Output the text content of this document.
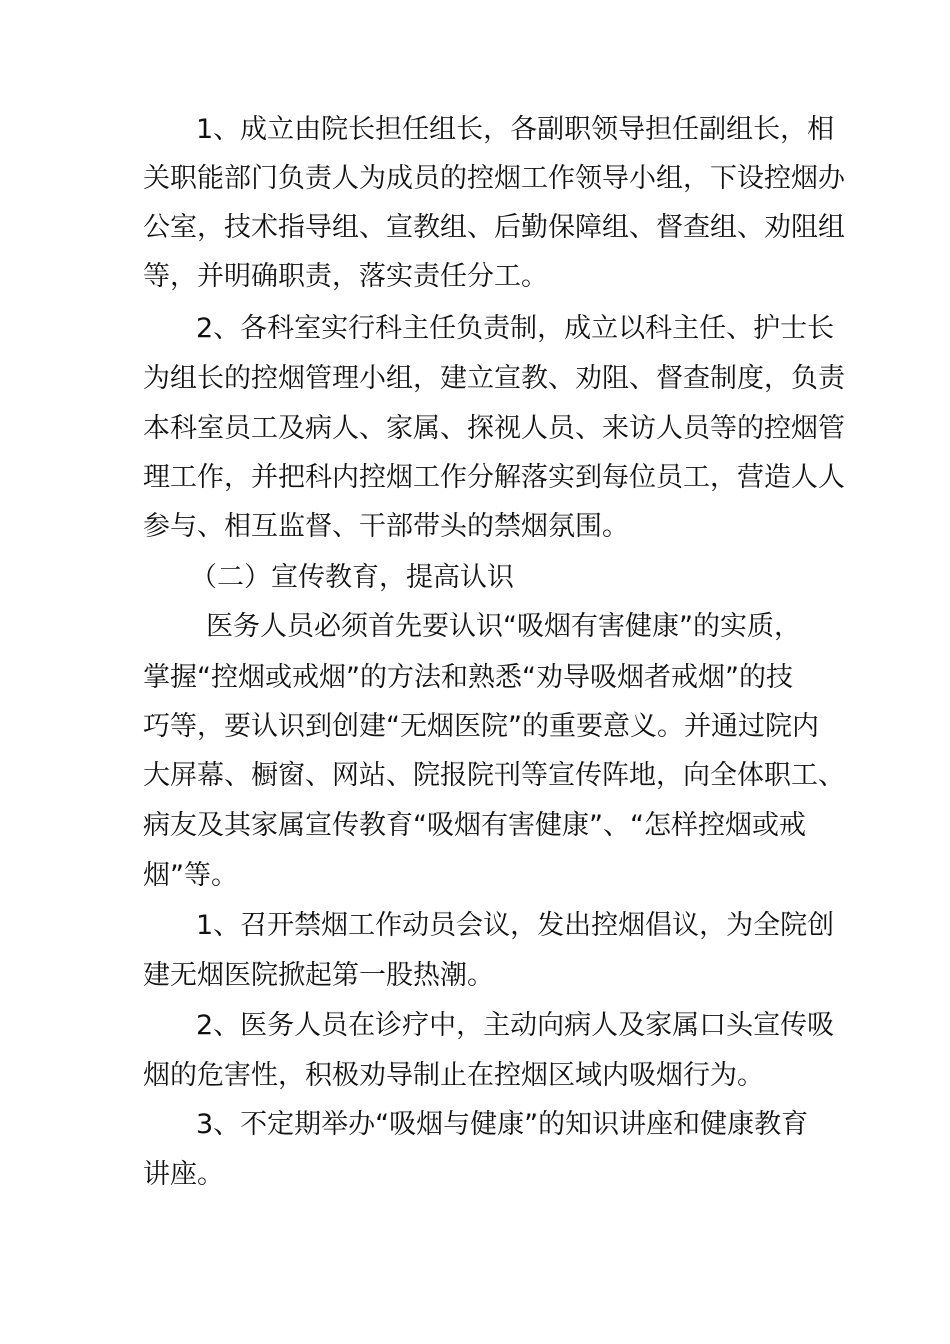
1、成立由院长担任组长，各副职领导担任副组长，相

关职能部门负责人为成员的控烟工作领导小组，下设控烟办

公室，技术指导组、宣教组、后勤保障组、督查组、劝阻组

等，并明确职责，落实责任分工。

2、各科室实行科主任负责制，成立以科主任、护士长

为组长的控烟管理小组，建立宣教、劝阻、督查制度，负责

本科室员工及病人、家属、探视人员、来访人员等的控烟管

理工作，并把科内控烟工作分解落实到每位员工，营造人人

参与、相互监督、干部带头的禁烟氛围。

（二）宣传教育，提高认识

医务人员必须首先要认识“吸烟有害健康”的实质，

掌握“控烟或戒烟”的方法和熟悉“劝导吸烟者戒烟”的技

巧等，要认识到创建“无烟医院”的重要意义。并通过院内

大屏幕、橱窗、网站、院报院刊等宣传阵地，向全体职工、

病友及其家属宣传教育“吸烟有害健康”、“怎样控烟或戒

烟”等。

1、召开禁烟工作动员会议，发出控烟倡议，为全院创

建无烟医院掀起第一股热潮。

2、医务人员在诊疗中，主动向病人及家属口头宣传吸

烟的危害性，积极劝导制止在控烟区域内吸烟行为。

3、不定期举办“吸烟与健康”的知识讲座和健康教育

讲座。
